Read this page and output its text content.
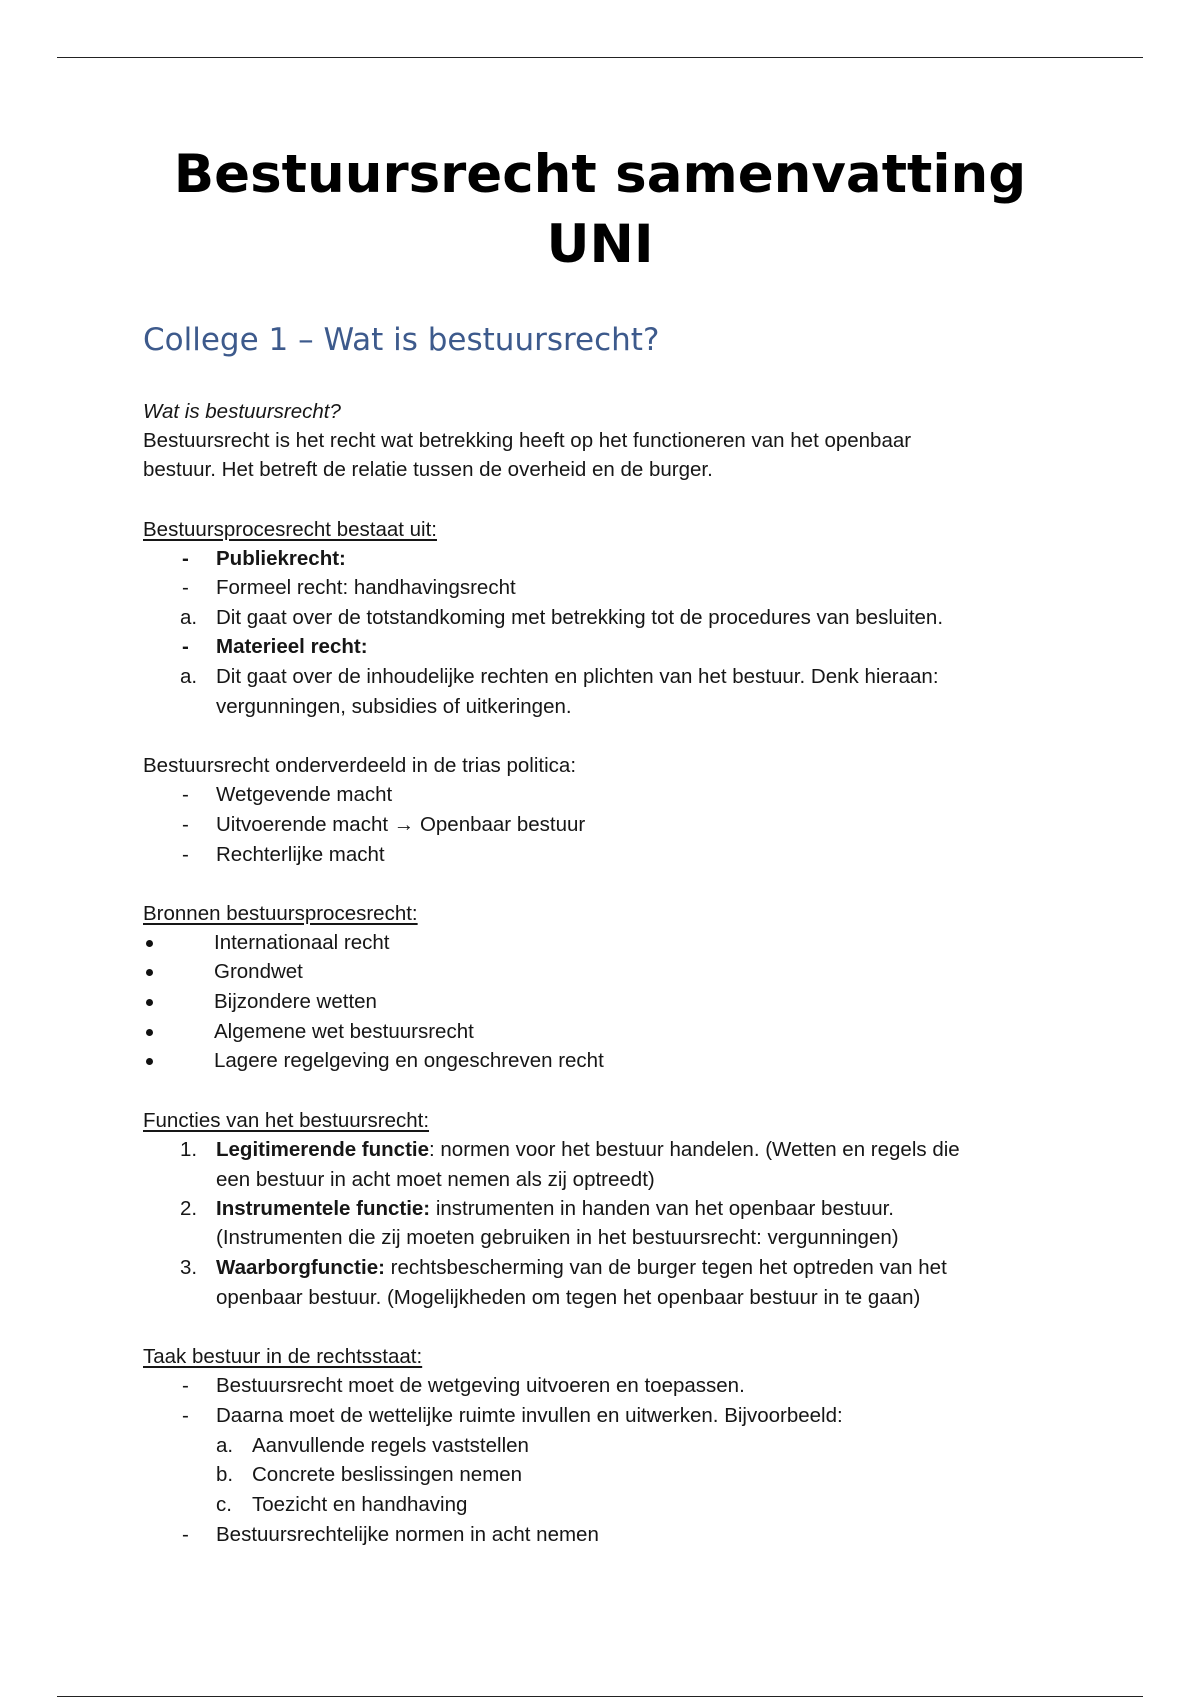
Bestuursrecht samenvatting
UNI
College 1 – Wat is bestuursrecht?
Wat is bestuursrecht?
Bestuursrecht is het recht wat betrekking heeft op het functioneren van het openbaar
bestuur. Het betreft de relatie tussen de overheid en de burger.
Bestuursprocesrecht bestaat uit:
- Publiekrecht:
- Formeel recht: handhavingsrecht
a. Dit gaat over de totstandkoming met betrekking tot de procedures van besluiten.
- Materieel recht:
a. Dit gaat over de inhoudelijke rechten en plichten van het bestuur. Denk hieraan:
vergunningen, subsidies of uitkeringen.
Bestuursrecht onderverdeeld in de trias politica:
- Wetgevende macht
- Uitvoerende macht → Openbaar bestuur
- Rechterlijke macht
Bronnen bestuursprocesrecht:
Internationaal recht
Grondwet
Bijzondere wetten
Algemene wet bestuursrecht
Lagere regelgeving en ongeschreven recht
Functies van het bestuursrecht:
1. Legitimerende functie: normen voor het bestuur handelen. (Wetten en regels die
een bestuur in acht moet nemen als zij optreedt)
2. Instrumentele functie: instrumenten in handen van het openbaar bestuur.
(Instrumenten die zij moeten gebruiken in het bestuursrecht: vergunningen)
3. Waarborgfunctie: rechtsbescherming van de burger tegen het optreden van het
openbaar bestuur. (Mogelijkheden om tegen het openbaar bestuur in te gaan)
Taak bestuur in de rechtsstaat:
- Bestuursrecht moet de wetgeving uitvoeren en toepassen.
- Daarna moet de wettelijke ruimte invullen en uitwerken. Bijvoorbeeld:
a. Aanvullende regels vaststellen
b. Concrete beslissingen nemen
c. Toezicht en handhaving
- Bestuursrechtelijke normen in acht nemen
